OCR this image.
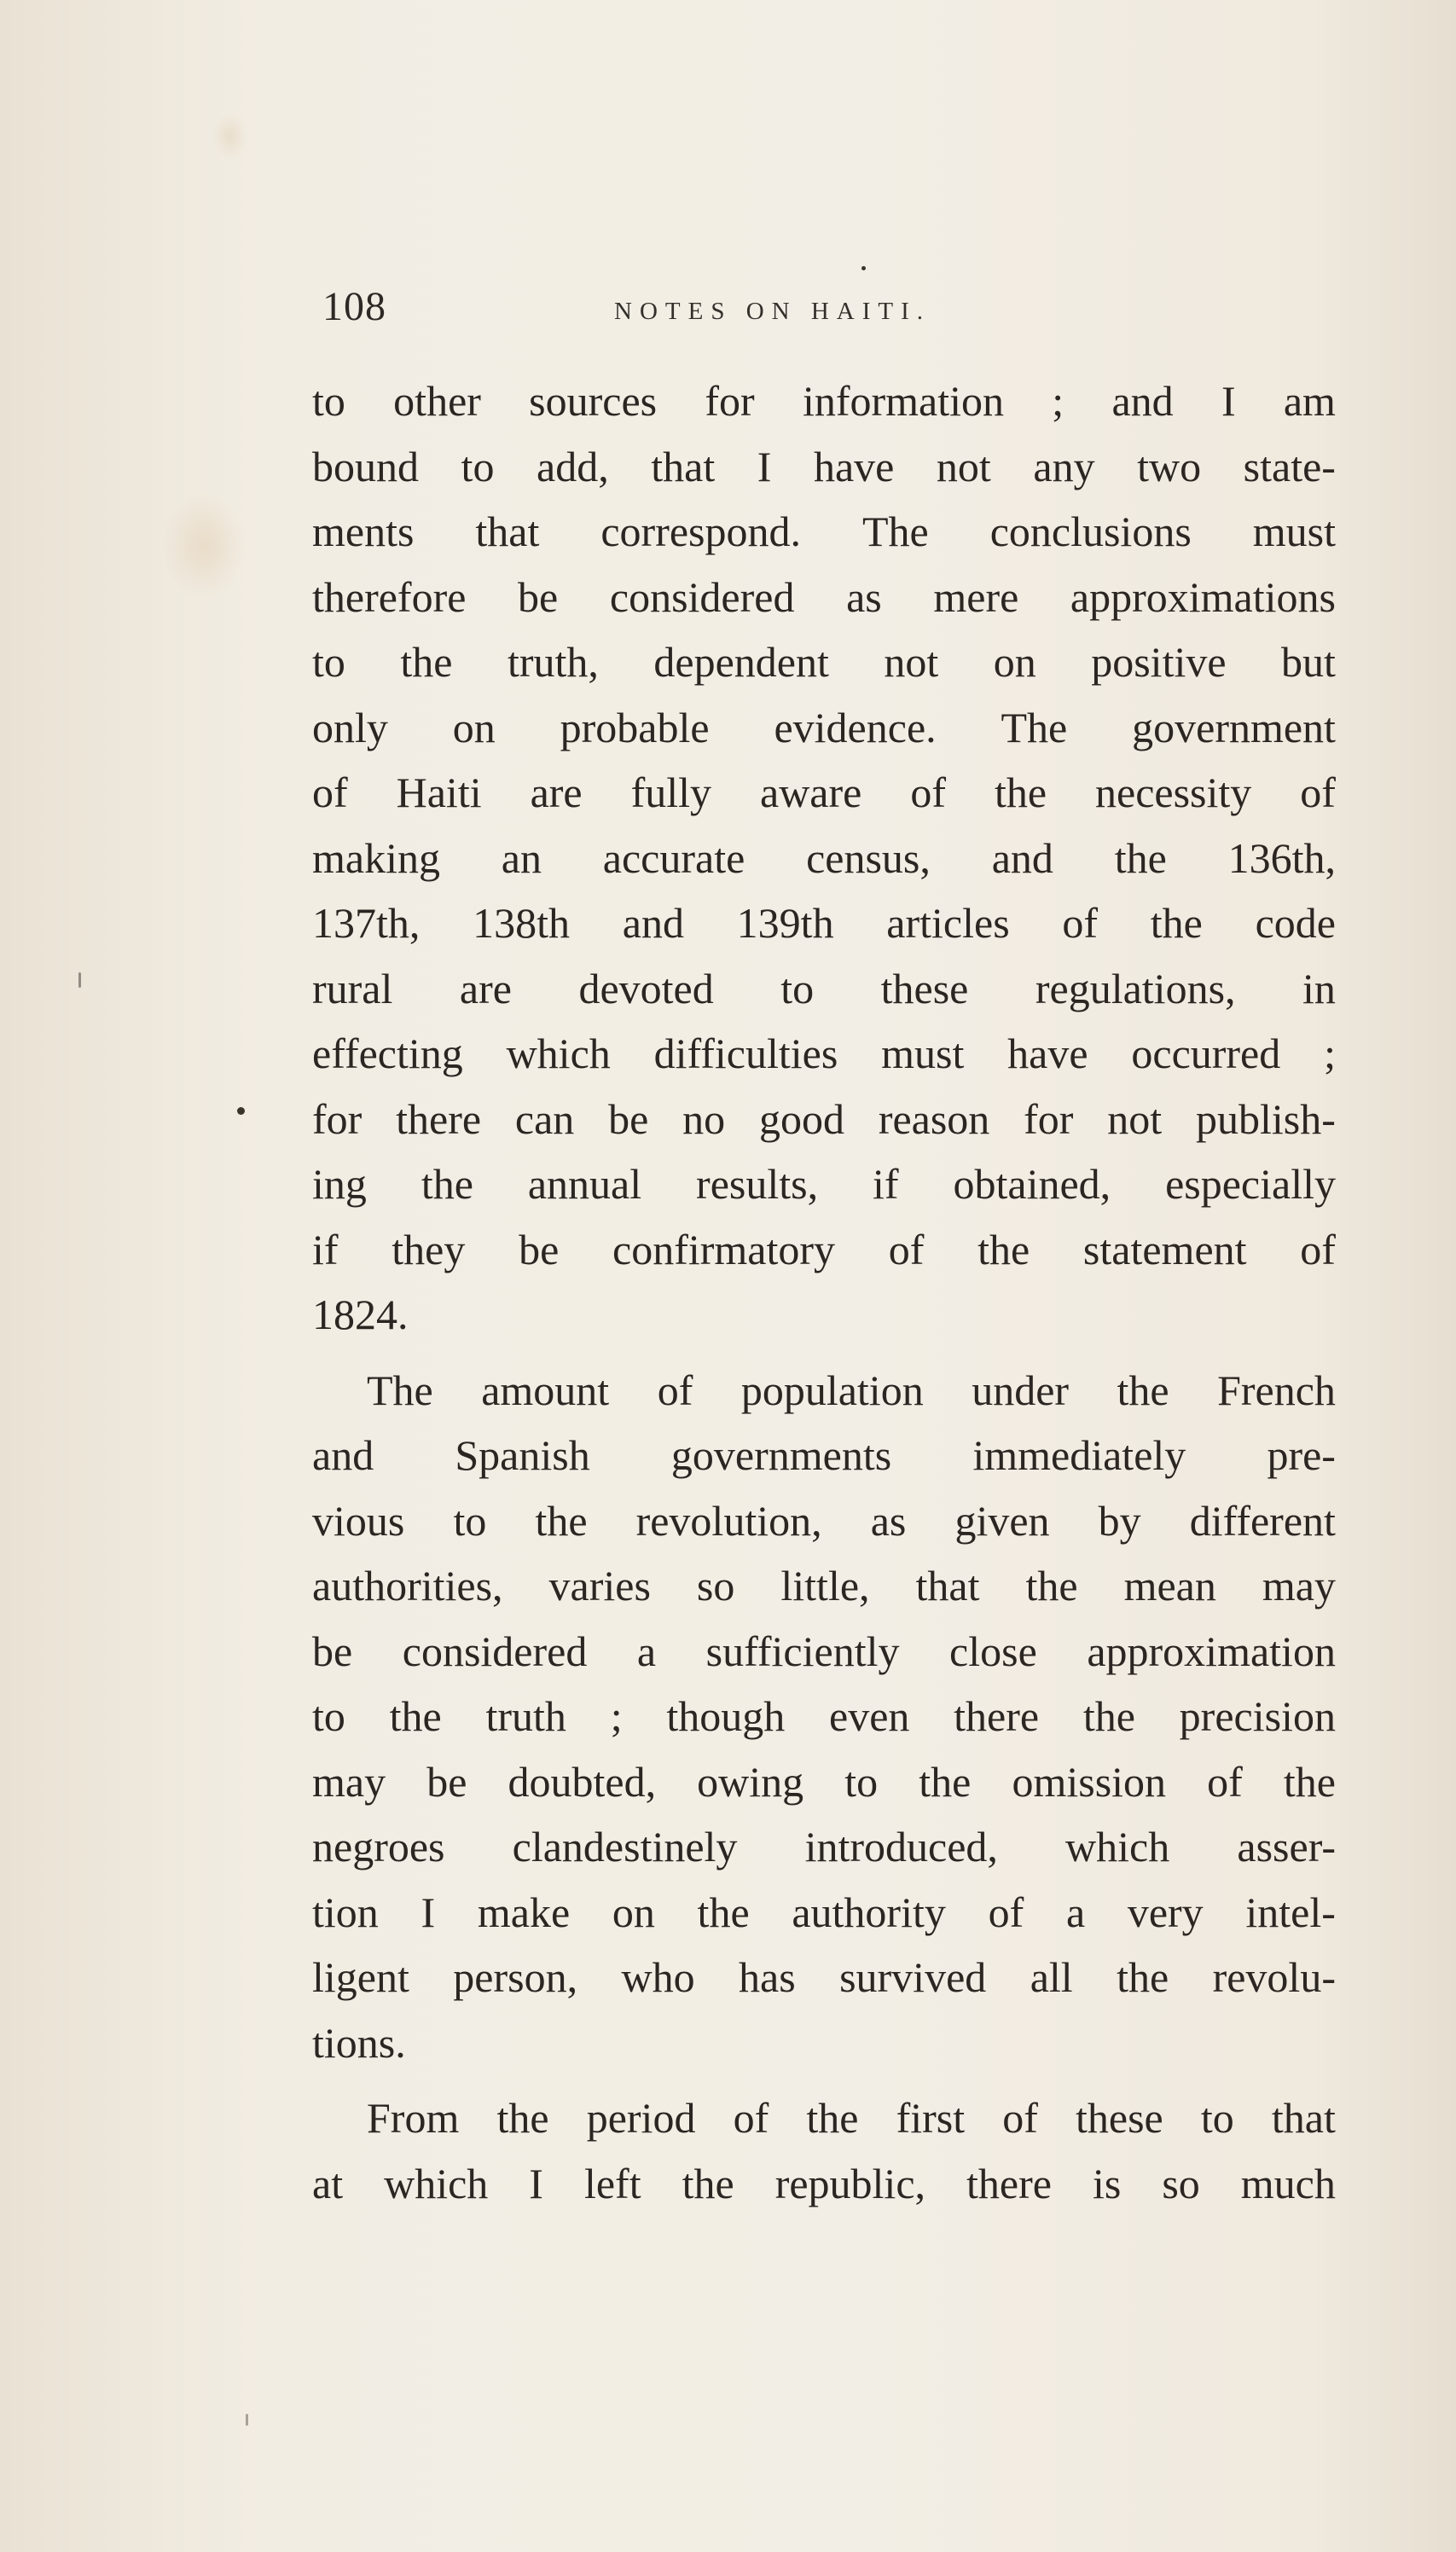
108	NOTES ON HAITI.
to other sources for information ; and I am
bound to add, that I have not any two state-
ments that correspond. The conclusions must
therefore be considered as mere approximations
to the truth, dependent not on positive but
only on probable evidence. The government
of Haiti are fully aware of the necessity of
making an accurate census, and the 136th,
137th, 138th and 139th articles of the code
rural are devoted to these regulations, in
effecting which difficulties must have occurred ;
for there can be no good reason for not publish-
ing the annual results, if obtained, especially
if they be confirmatory of the statement of
1824.
The amount of population under the French
and Spanish governments immediately pre-
vious to the revolution, as given by different
authorities, varies so little, that the mean may
be considered a sufficiently close approximation
to the truth ; though even there the precision
may be doubted, owing to the omission of the
negroes clandestinely introduced, which asser-
tion I make on the authority of a very intel-
ligent person, who has survived all the revolu-
tions.
From the period of the first of these to that
at which I left the republic, there is so much
